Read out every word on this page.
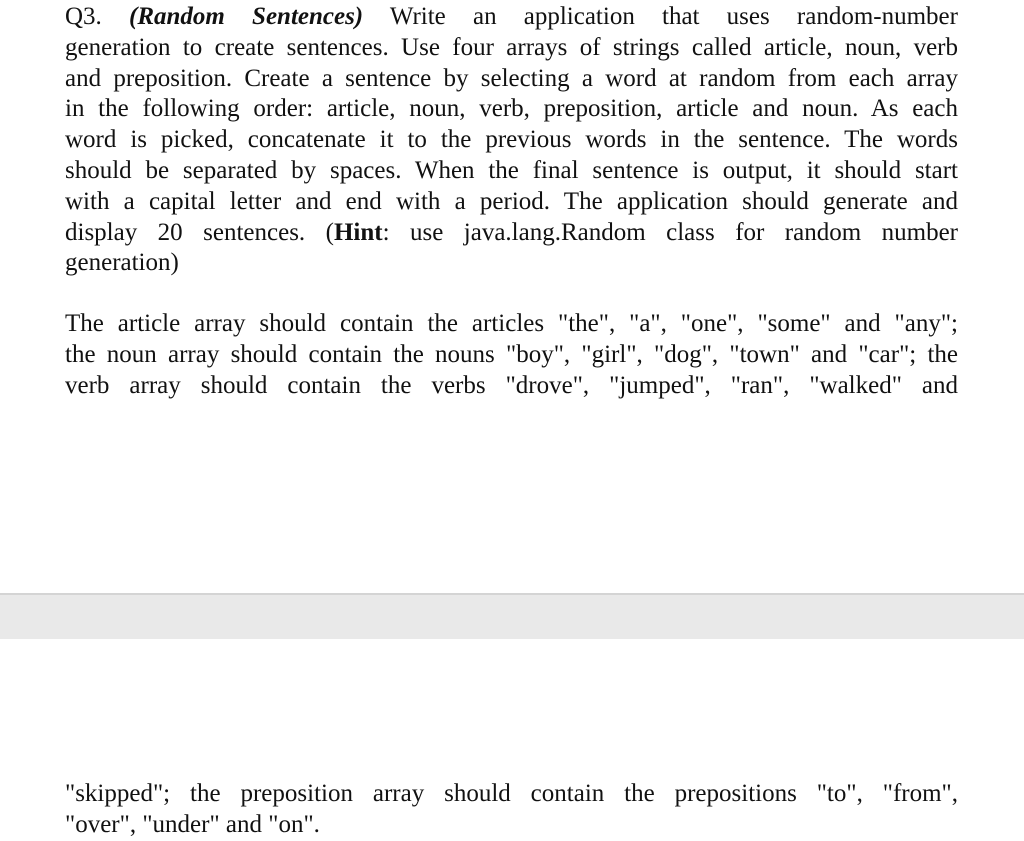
Q3. (Random Sentences) Write an application that uses random-number
generation to create sentences. Use four arrays of strings called article, noun, verb
and preposition. Create a sentence by selecting a word at random from each array
in the following order: article, noun, verb, preposition, article and noun. As each
word is picked, concatenate it to the previous words in the sentence. The words
should be separated by spaces. When the final sentence is output, it should start
with a capital letter and end with a period. The application should generate and
display 20 sentences. (Hint: use java.lang.Random class for random number
generation)
The article array should contain the articles "the", "a", "one", "some" and "any";
the noun array should contain the nouns "boy", "girl", "dog", "town" and "car"; the
verb array should contain the verbs "drove", "jumped", "ran", "walked" and
"skipped"; the preposition array should contain the prepositions "to", "from",
"over", "under" and "on".
